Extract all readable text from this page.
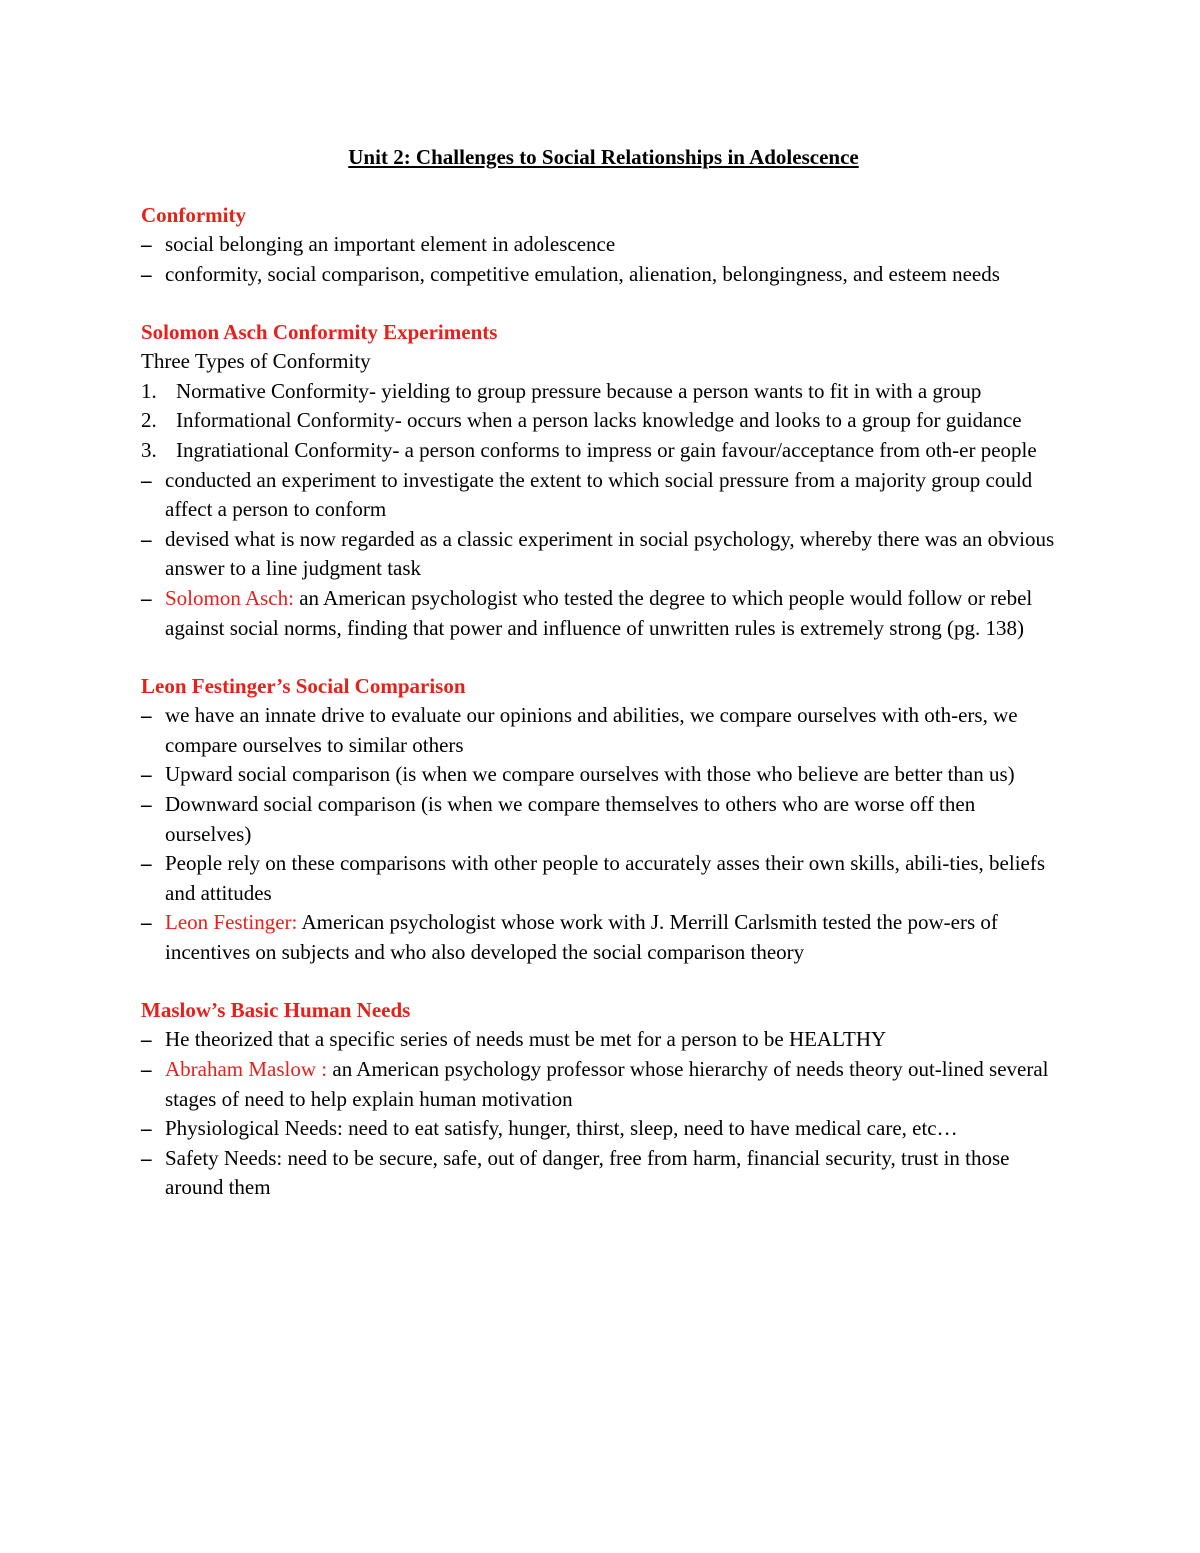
Unit 2: Challenges to Social Relationships in Adolescence
Conformity
– social belonging an important element in adolescence
– conformity, social comparison, competitive emulation, alienation, belongingness, and esteem needs
Solomon Asch Conformity Experiments
Three Types of Conformity
1. Normative Conformity- yielding to group pressure because a person wants to fit in with a group
2. Informational Conformity- occurs when a person lacks knowledge and looks to a group for guidance
3. Ingratiational Conformity- a person conforms to impress or gain favour/acceptance from oth-er people
– conducted an experiment to investigate the extent to which social pressure from a majority group could affect a person to conform
– devised what is now regarded as a classic experiment in social psychology, whereby there was an obvious answer to a line judgment task
– Solomon Asch: an American psychologist who tested the degree to which people would follow or rebel against social norms, finding that power and influence of unwritten rules is extremely strong (pg. 138)
Leon Festinger’s Social Comparison
– we have an innate drive to evaluate our opinions and abilities, we compare ourselves with oth-ers, we compare ourselves to similar others
– Upward social comparison (is when we compare ourselves with those who believe are better than us)
– Downward social comparison (is when we compare themselves to others who are worse off then ourselves)
– People rely on these comparisons with other people to accurately asses their own skills, abili-ties, beliefs and attitudes
– Leon Festinger: American psychologist whose work with J. Merrill Carlsmith tested the pow-ers of incentives on subjects and who also developed the social comparison theory
Maslow’s Basic Human Needs
– He theorized that a specific series of needs must be met for a person to be HEALTHY
– Abraham Maslow : an American psychology professor whose hierarchy of needs theory out-lined several stages of need to help explain human motivation
– Physiological Needs: need to eat satisfy, hunger, thirst, sleep, need to have medical care, etc…
– Safety Needs: need to be secure, safe, out of danger, free from harm, financial security, trust in those around them
